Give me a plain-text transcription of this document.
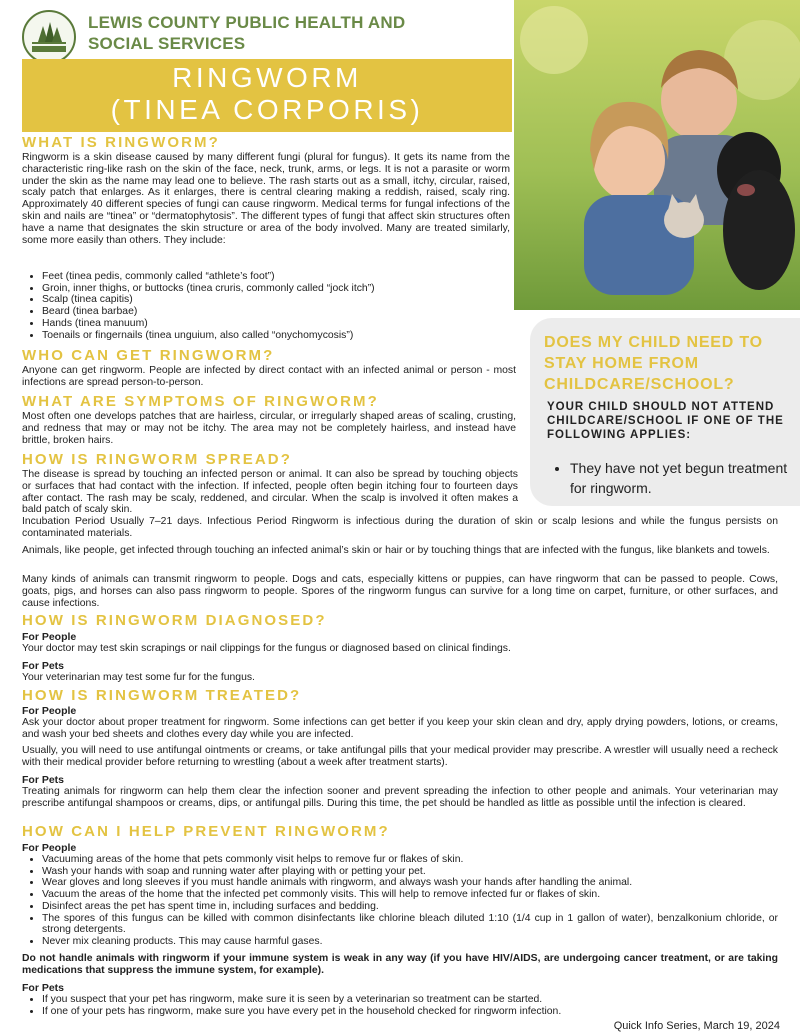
LEWIS COUNTY PUBLIC HEALTH AND
SOCIAL SERVICES
RINGWORM
(TINEA CORPORIS)
DOES MY CHILD NEED TO STAY HOME FROM CHILDCARE/SCHOOL?
YOUR CHILD SHOULD NOT ATTEND CHILDCARE/SCHOOL IF ONE OF THE FOLLOWING APPLIES:
• They have not yet begun treatment for ringworm.
WHAT IS RINGWORM?

Ringworm is a skin disease caused by many different fungi (plural for fungus). It gets its name from the characteristic ring-like rash on the skin of the face, neck, trunk, arms, or legs. It is not a parasite or worm under the skin as the name may lead one to believe. The rash starts out as a small, itchy, circular, raised, scaly patch that enlarges. As it enlarges, there is central clearing making a reddish, raised, scaly ring. Approximately 40 different species of fungi can cause ringworm. Medical terms for fungal infections of the skin and nails are “tinea” or “dermatophytosis”. The different types of fungi that affect skin structures often have a name that designates the skin structure or area of the body involved. Many are treated similarly, some more easily than others. They include:

• Feet (tinea pedis, commonly called “athlete’s foot”)
• Groin, inner thighs, or buttocks (tinea cruris, commonly called “jock itch”)
• Scalp (tinea capitis)
• Beard (tinea barbae)
• Hands (tinea manuum)
• Toenails or fingernails (tinea unguium, also called “onychomycosis”)
WHO CAN GET RINGWORM?

Anyone can get ringworm. People are infected by direct contact with an infected animal or person - most infections are spread person-to-person.

WHAT ARE SYMPTOMS OF RINGWORM?

Most often one develops patches that are hairless, circular, or irregularly shaped areas of scaling, crusting, and redness that may or may not be itchy. The area may not be completely hairless, and instead have brittle, broken hairs.

HOW IS RINGWORM SPREAD?

The disease is spread by touching an infected person or animal. It can also be spread by touching objects or surfaces that had contact with the infection. If infected, people often begin itching four to fourteen days after contact. The rash may be scaly, reddened, and circular. When the scalp is involved it often makes a bald patch of scaly skin.

Incubation Period Usually 7–21 days. Infectious Period Ringworm is infectious during the duration of skin or scalp lesions and while the fungus persists on contaminated materials.

Animals, like people, get infected through touching an infected animal’s skin or hair or by touching things that are infected with the fungus, like blankets and towels.

Many kinds of animals can transmit ringworm to people. Dogs and cats, especially kittens or puppies, can have ringworm that can be passed to people. Cows, goats, pigs, and horses can also pass ringworm to people. Spores of the ringworm fungus can survive for a long time on carpet, furniture, or other surfaces, and cause infections.

HOW IS RINGWORM DIAGNOSED?
For People

Your doctor may test skin scrapings or nail clippings for the fungus or diagnosed based on clinical findings.

For Pets

Your veterinarian may test some fur for the fungus.

HOW IS RINGWORM TREATED?
For People

Ask your doctor about proper treatment for ringworm. Some infections can get better if you keep your skin clean and dry, apply drying powders, lotions, or creams, and wash your bed sheets and clothes every day while you are infected.

Usually, you will need to use antifungal ointments or creams, or take antifungal pills that your medical provider may prescribe. A wrestler will usually need a recheck with their medical provider before returning to wrestling (about a week after treatment starts).

For Pets

Treating animals for ringworm can help them clear the infection sooner and prevent spreading the infection to other people and animals. Your veterinarian may prescribe antifungal shampoos or creams, dips, or antifungal pills. During this time, the pet should be handled as little as possible until the infection is cleared.

HOW CAN I HELP PREVENT RINGWORM?
For People
• Vacuuming areas of the home that pets commonly visit helps to remove fur or flakes of skin.
• Wash your hands with soap and running water after playing with or petting your pet.
• Wear gloves and long sleeves if you must handle animals with ringworm, and always wash your hands after handling the animal.
• Vacuum the areas of the home that the infected pet commonly visits. This will help to remove infected fur or flakes of skin.
• Disinfect areas the pet has spent time in, including surfaces and bedding.
• The spores of this fungus can be killed with common disinfectants like chlorine bleach diluted 1:10 (1/4 cup in 1 gallon of water), benzalkonium chloride, or strong detergents.
• Never mix cleaning products. This may cause harmful gases.

Do not handle animals with ringworm if your immune system is weak in any way (if you have HIV/AIDS, are undergoing cancer treatment, or are taking medications that suppress the immune system, for example).

For Pets
• If you suspect that your pet has ringworm, make sure it is seen by a veterinarian so treatment can be started.
• If one of your pets has ringworm, make sure you have every pet in the household checked for ringworm infection.
Quick Info Series, March 19, 2024
